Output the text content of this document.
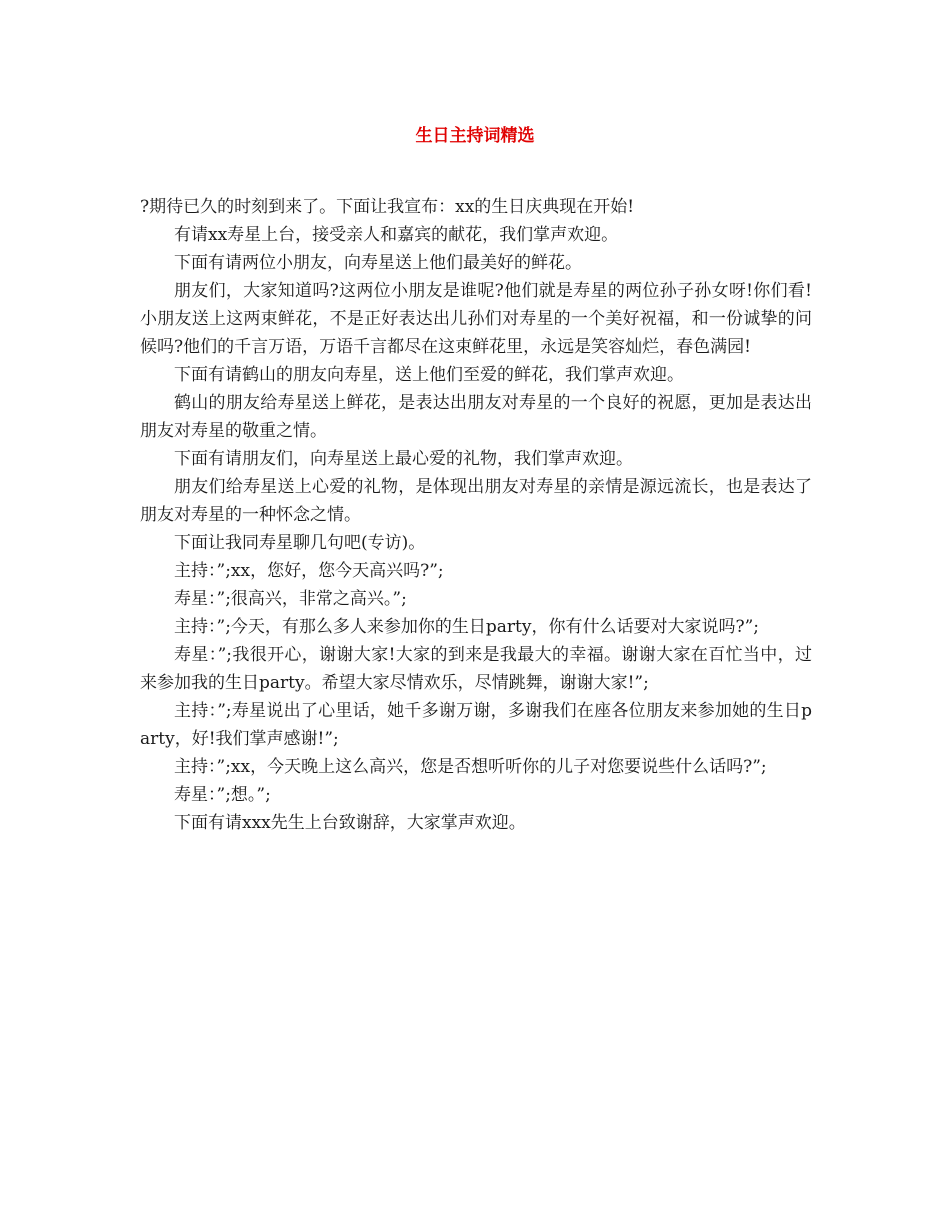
生日主持词精选

?期待已久的时刻到来了。下面让我宣布：xx的生日庆典现在开始!

有请xx寿星上台，接受亲人和嘉宾的献花，我们掌声欢迎。

下面有请两位小朋友，向寿星送上他们最美好的鲜花。

朋友们，大家知道吗?这两位小朋友是谁呢?他们就是寿星的两位孙子孙女呀!你们看!小朋友送上这两束鲜花，不是正好表达出儿孙们对寿星的一个美好祝福，和一份诚挚的问候吗?他们的千言万语，万语千言都尽在这束鲜花里，永远是笑容灿烂，春色满园!

下面有请鹤山的朋友向寿星，送上他们至爱的鲜花，我们掌声欢迎。

鹤山的朋友给寿星送上鲜花，是表达出朋友对寿星的一个良好的祝愿，更加是表达出朋友对寿星的敬重之情。

下面有请朋友们，向寿星送上最心爱的礼物，我们掌声欢迎。

朋友们给寿星送上心爱的礼物，是体现出朋友对寿星的亲情是源远流长，也是表达了朋友对寿星的一种怀念之情。

下面让我同寿星聊几句吧(专访)。

主持：”;xx，您好，您今天高兴吗?”;

寿星：”;很高兴，非常之高兴。”;

主持：”;今天，有那么多人来参加你的生日party，你有什么话要对大家说吗?”;

寿星：”;我很开心，谢谢大家!大家的到来是我最大的幸福。谢谢大家在百忙当中，过来参加我的生日party。希望大家尽情欢乐，尽情跳舞，谢谢大家!”;

主持：”;寿星说出了心里话，她千多谢万谢，多谢我们在座各位朋友来参加她的生日party，好!我们掌声感谢!”;

主持：”;xx，今天晚上这么高兴，您是否想听听你的儿子对您要说些什么话吗?”;

寿星：”;想。”;

下面有请xxx先生上台致谢辞，大家掌声欢迎。
